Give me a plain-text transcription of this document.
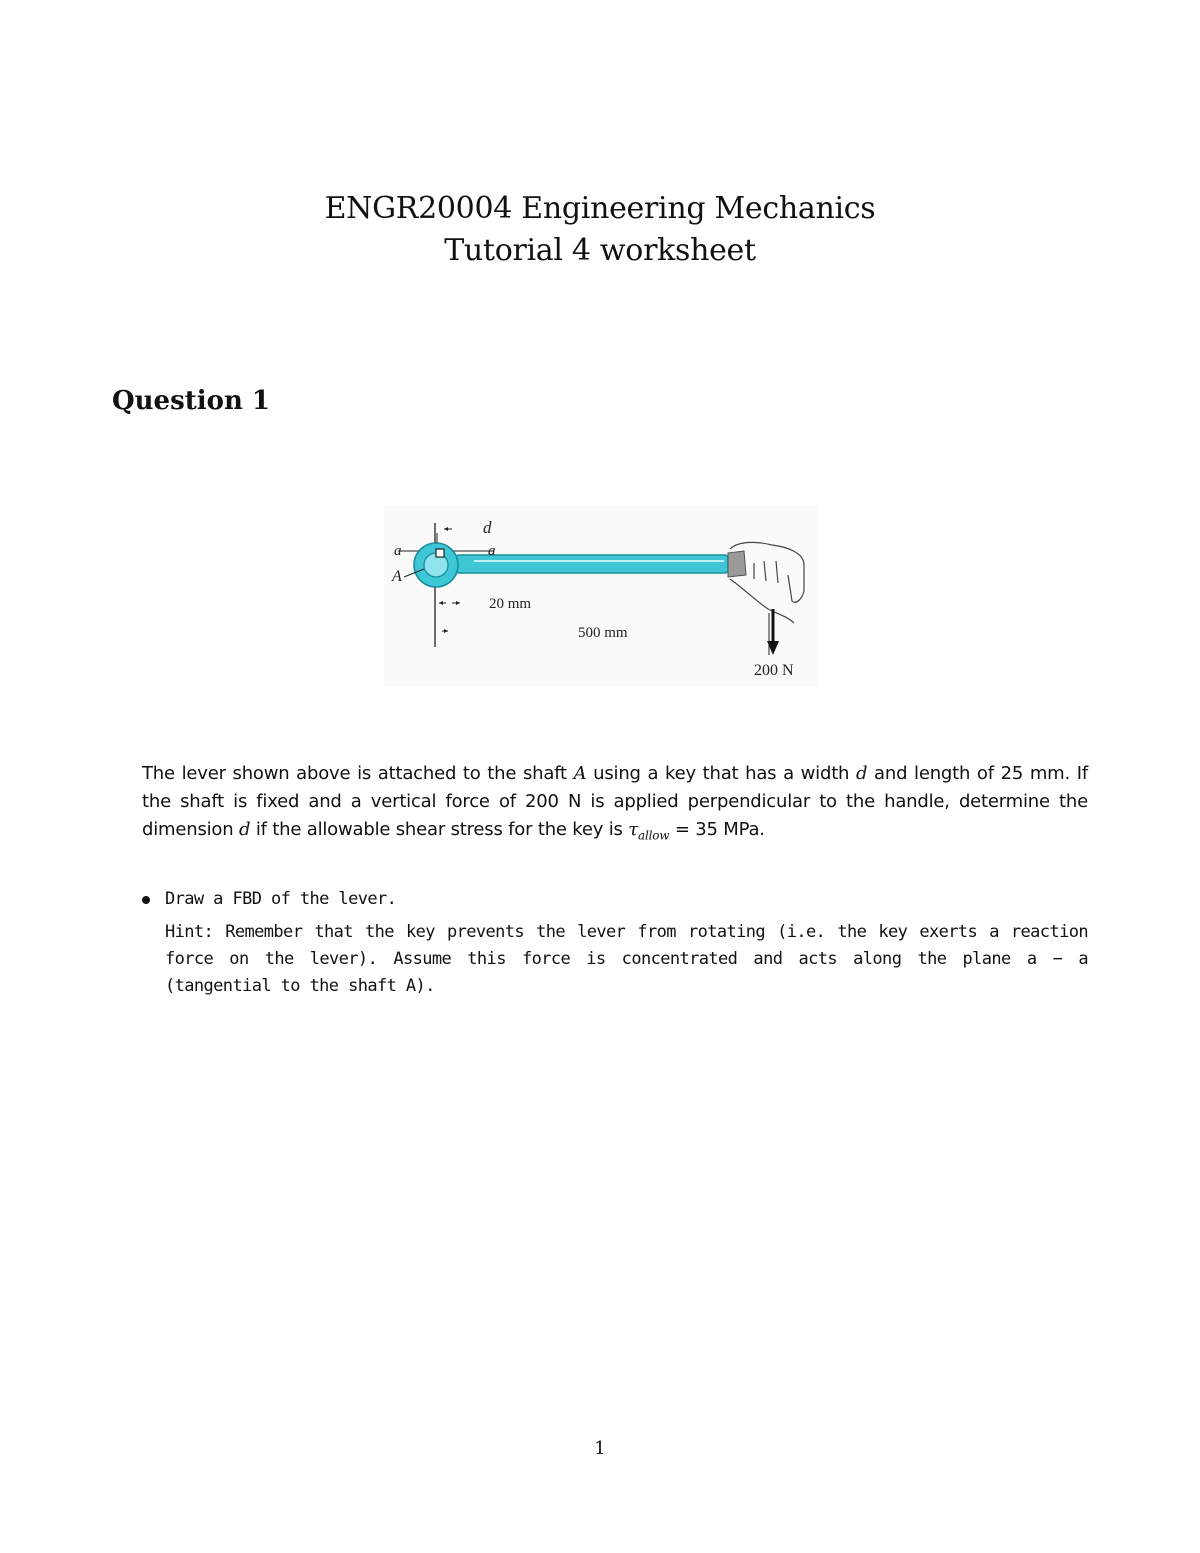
ENGR20004 Engineering Mechanics
Tutorial 4 worksheet
Question 1
d
a	a
A
20 mm
500 mm
200 N
The lever shown above is attached to the shaft A using a key that has a width d and length of 25 mm. If the shaft is fixed and a vertical force of 200 N is applied perpendicular to the handle, determine the dimension d if the allowable shear stress for the key is $\tau_{allow} = 35$ MPa.
Draw a FBD of the lever.
Hint: Remember that the key prevents the lever from rotating (i.e. the key exerts a reaction force on the lever). Assume this force is concentrated and acts along the plane a − a (tangential to the shaft A).
1
